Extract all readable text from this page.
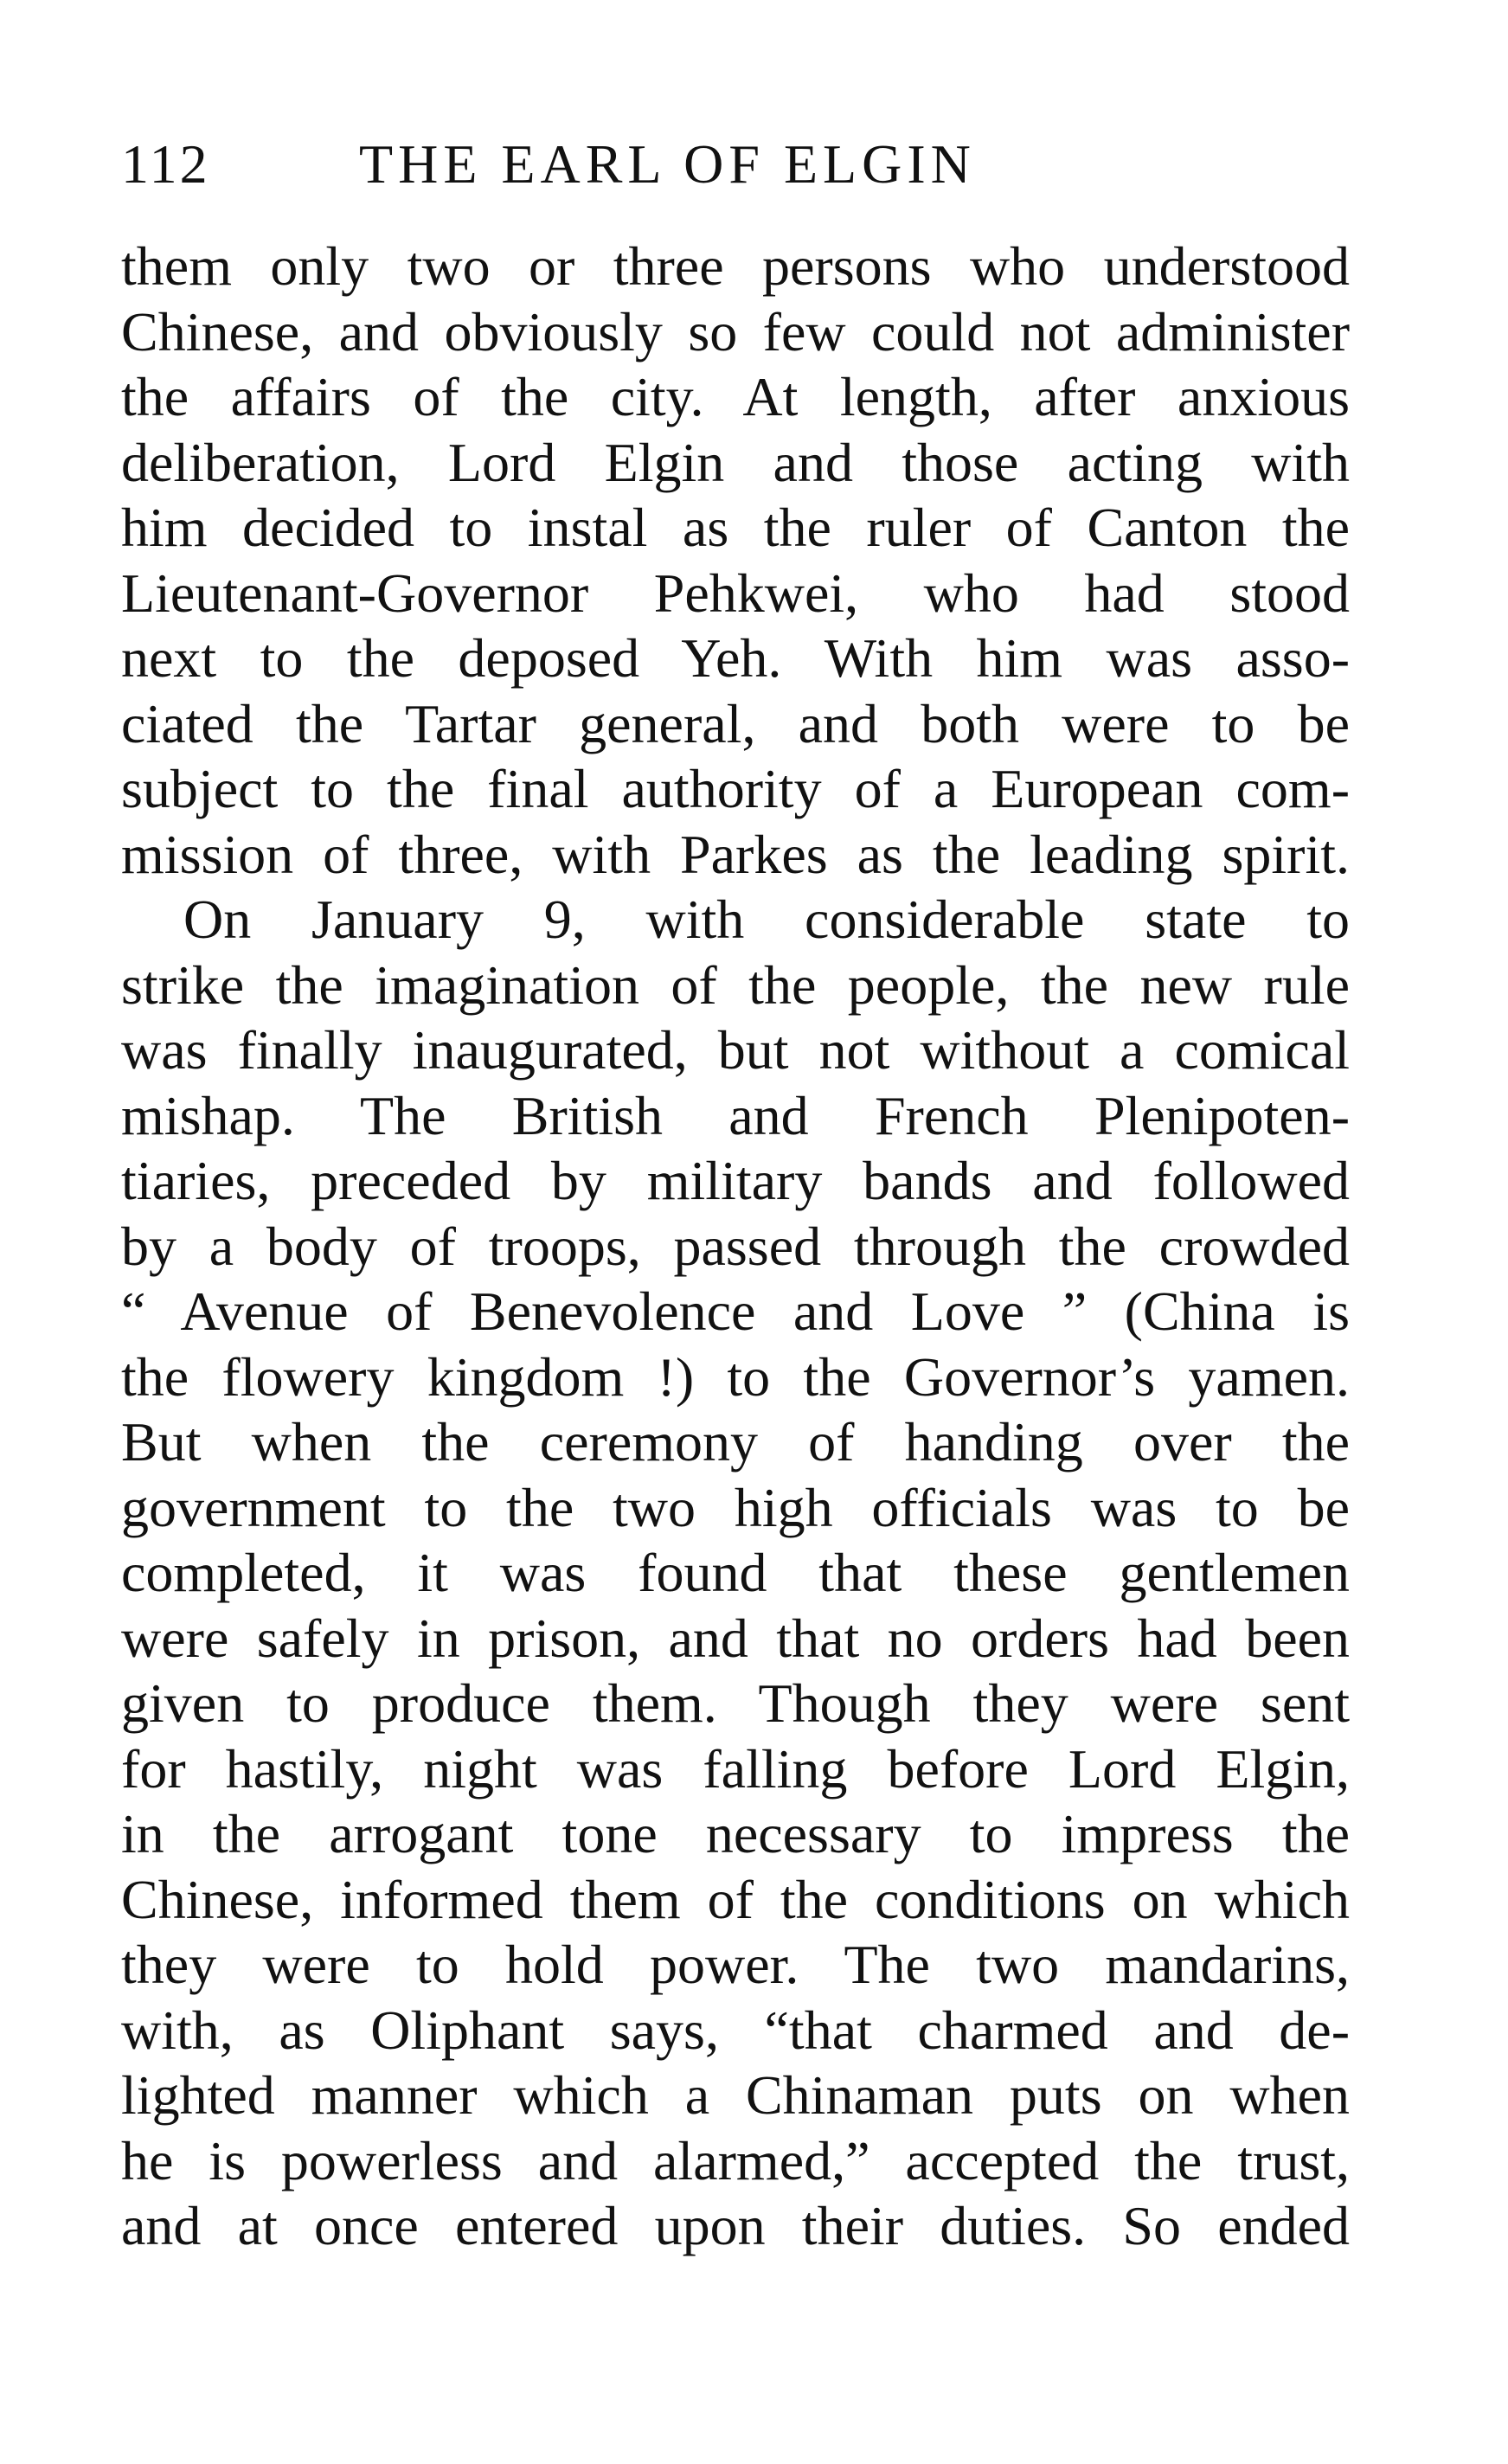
112	THE EARL OF ELGIN
them only two or three persons who understood
Chinese, and obviously so few could not administer
the affairs of the city. At length, after anxious
deliberation, Lord Elgin and those acting with
him decided to instal as the ruler of Canton the
Lieutenant-Governor Pehkwei, who had stood
next to the deposed Yeh. With him was asso-
ciated the Tartar general, and both were to be
subject to the final authority of a European com-
mission of three, with Parkes as the leading spirit.
On January 9, with considerable state to
strike the imagination of the people, the new rule
was finally inaugurated, but not without a comical
mishap. The British and French Plenipoten-
tiaries, preceded by military bands and followed
by a body of troops, passed through the crowded
“ Avenue of Benevolence and Love ” (China is
the flowery kingdom !) to the Governor’s yamen.
But when the ceremony of handing over the
government to the two high officials was to be
completed, it was found that these gentlemen
were safely in prison, and that no orders had been
given to produce them. Though they were sent
for hastily, night was falling before Lord Elgin,
in the arrogant tone necessary to impress the
Chinese, informed them of the conditions on which
they were to hold power. The two mandarins,
with, as Oliphant says, “that charmed and de-
lighted manner which a Chinaman puts on when
he is powerless and alarmed,” accepted the trust,
and at once entered upon their duties. So ended
